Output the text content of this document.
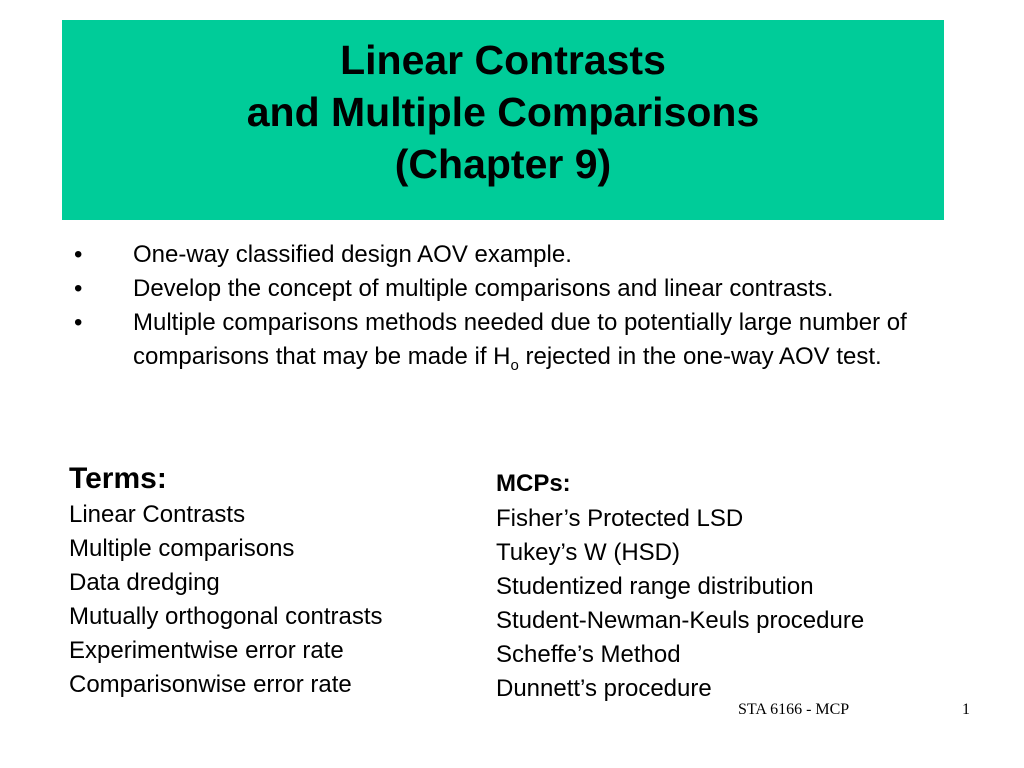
Linear Contrasts
and Multiple Comparisons
(Chapter 9)
• One-way classified design AOV example.
• Develop the concept of multiple comparisons and linear contrasts.
• Multiple comparisons methods needed due to potentially large number of comparisons that may be made if $H_o$ rejected in the one-way AOV test.
Terms:
Linear Contrasts
Multiple comparisons
Data dredging
Mutually orthogonal contrasts
Experimentwise error rate
Comparisonwise error rate
MCPs:
Fisher’s Protected LSD
Tukey’s W (HSD)
Studentized range distribution
Student-Newman-Keuls procedure
Scheffe’s Method
Dunnett’s procedure
STA 6166 - MCP	1
